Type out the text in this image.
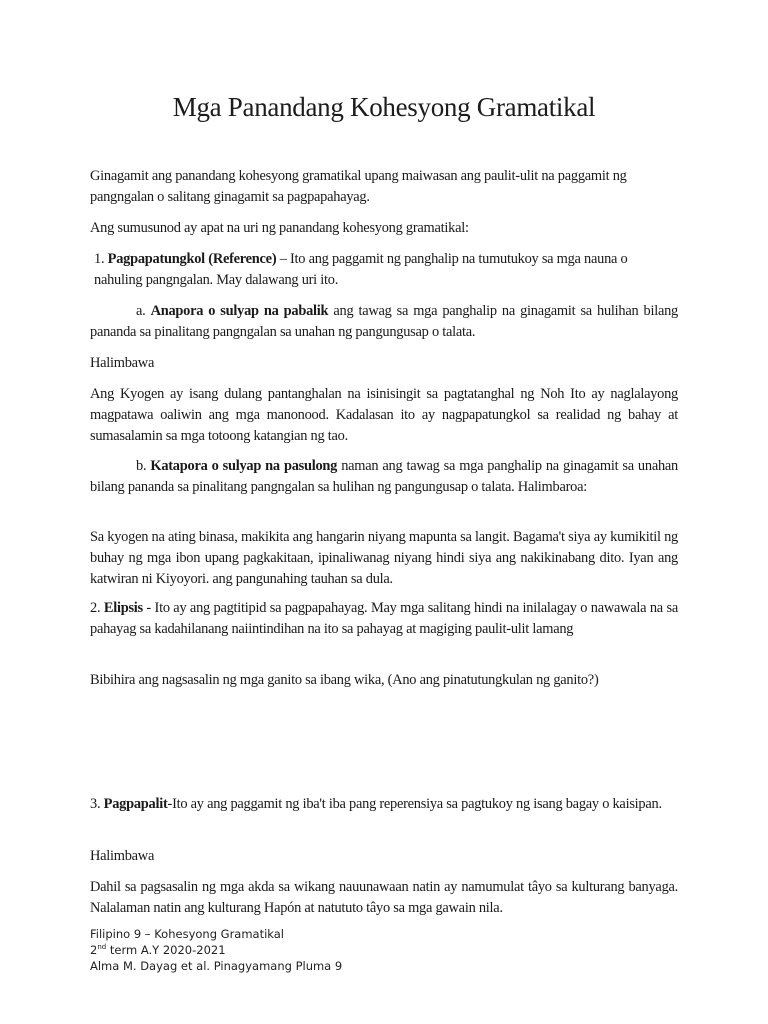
Mga Panandang Kohesyong Gramatikal

Ginagamit ang panandang kohesyong gramatikal upang maiwasan ang paulit-ulit na paggamit ng pangngalan o salitang ginagamit sa pagpapahayag.

Ang sumusunod ay apat na uri ng panandang kohesyong gramatikal:

1. Pagpapatungkol (Reference) – Ito ang paggamit ng panghalip na tumutukoy sa mga nauna o nahuling pangngalan. May dalawang uri ito.

a. Anapora o sulyap na pabalik ang tawag sa mga panghalip na ginagamit sa hulihan bilang pananda sa pinalitang pangngalan sa unahan ng pangungusap o talata.

Halimbawa

Ang Kyogen ay isang dulang pantanghalan na isinisingit sa pagtatanghal ng Noh Ito ay naglalayong magpatawa oaliwin ang mga manonood. Kadalasan ito ay nagpapatungkol sa realidad ng bahay at sumasalamin sa mga totoong katangian ng tao.

b. Katapora o sulyap na pasulong naman ang tawag sa mga panghalip na ginagamit sa unahan bilang pananda sa pinalitang pangngalan sa hulihan ng pangungusap o talata. Halimbaroa:

Sa kyogen na ating binasa, makikita ang hangarin niyang mapunta sa langit. Bagama't siya ay kumikitil ng buhay ng mga ibon upang pagkakitaan, ipinaliwanag niyang hindi siya ang nakikinabang dito. Iyan ang katwiran ni Kiyoyori. ang pangunahing tauhan sa dula.

2. Elipsis - Ito ay ang pagtitipid sa pagpapahayag. May mga salitang hindi na inilalagay o nawawala na sa pahayag sa kadahilanang naiintindihan na ito sa pahayag at magiging paulit-ulit lamang

Bibihira ang nagsasalin ng mga ganito sa ibang wika, (Ano ang pinatutungkulan ng ganito?)

3. Pagpapalit-Ito ay ang paggamit ng iba't iba pang reperensiya sa pagtukoy ng isang bagay o kaisipan.

Halimbawa

Dahil sa pagsasalin ng mga akda sa wikang nauunawaan natin ay namumulat tâyo sa kulturang banyaga. Nalalaman natin ang kulturang Hapón at natututo tâyo sa mga gawain nila.

Filipino 9 – Kohesyong Gramatikal
2nd term A.Y 2020-2021
Alma M. Dayag et al. Pinagyamang Pluma 9
